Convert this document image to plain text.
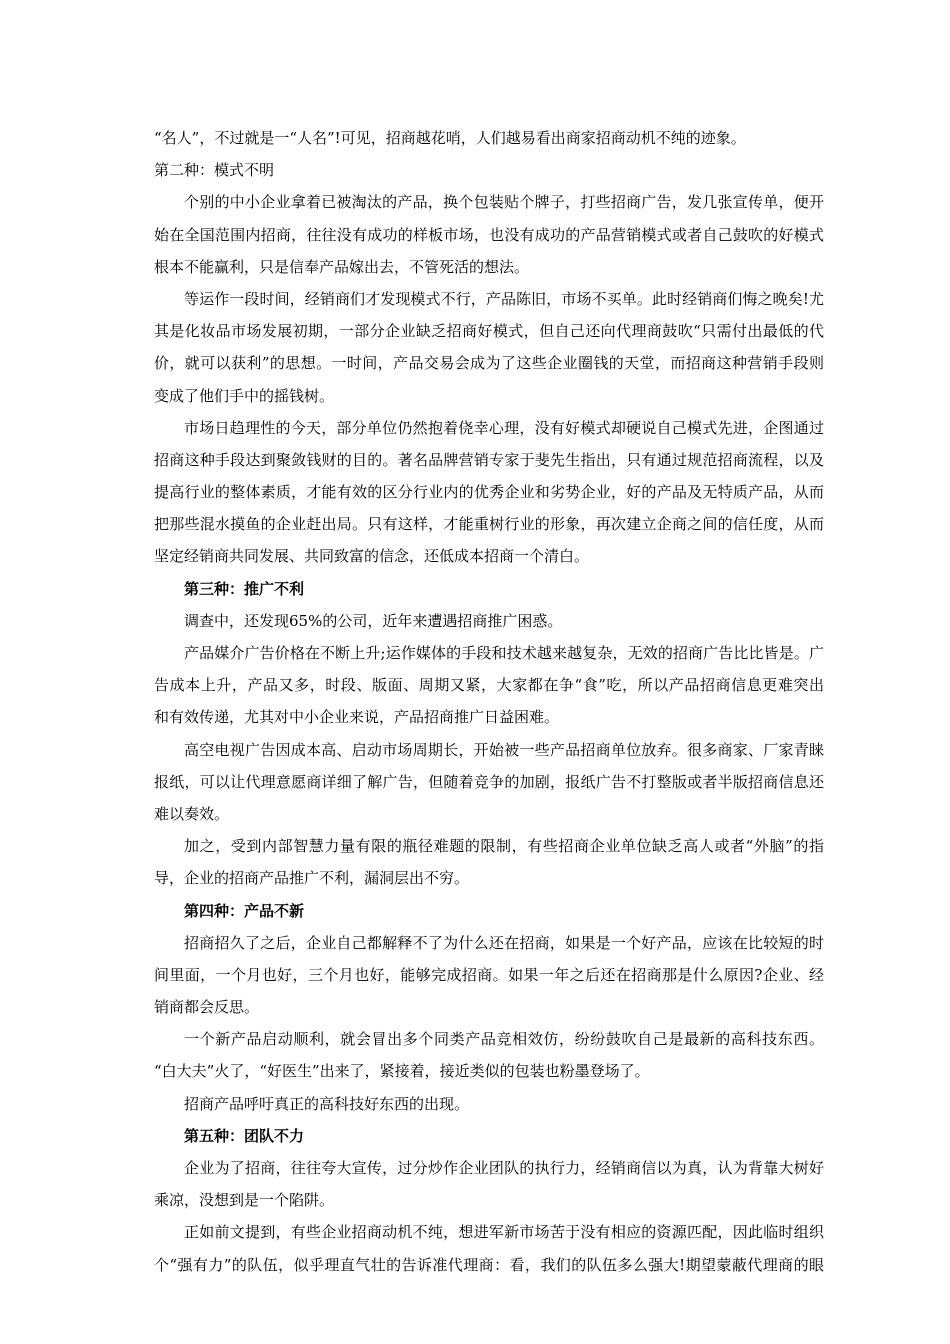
“名人”，不过就是一“人名”!可见，招商越花哨，人们越易看出商家招商动机不纯的迹象。
第二种：模式不明
个别的中小企业拿着已被淘汰的产品，换个包装贴个牌子，打些招商广告，发几张宣传单，便开
始在全国范围内招商，往往没有成功的样板市场，也没有成功的产品营销模式或者自己鼓吹的好模式
根本不能赢利，只是信奉产品嫁出去，不管死活的想法。
等运作一段时间，经销商们才发现模式不行，产品陈旧，市场不买单。此时经销商们悔之晚矣!尤
其是化妆品市场发展初期，一部分企业缺乏招商好模式，但自己还向代理商鼓吹“只需付出最低的代
价，就可以获利”的思想。一时间，产品交易会成为了这些企业圈钱的天堂，而招商这种营销手段则
变成了他们手中的摇钱树。
市场日趋理性的今天，部分单位仍然抱着侥幸心理，没有好模式却硬说自己模式先进，企图通过
招商这种手段达到聚敛钱财的目的。著名品牌营销专家于斐先生指出，只有通过规范招商流程，以及
提高行业的整体素质，才能有效的区分行业内的优秀企业和劣势企业，好的产品及无特质产品，从而
把那些混水摸鱼的企业赶出局。只有这样，才能重树行业的形象，再次建立企商之间的信任度，从而
坚定经销商共同发展、共同致富的信念，还低成本招商一个清白。
第三种：推广不利
调查中，还发现65%的公司，近年来遭遇招商推广困惑。
产品媒介广告价格在不断上升;运作媒体的手段和技术越来越复杂，无效的招商广告比比皆是。广
告成本上升，产品又多，时段、版面、周期又紧，大家都在争“食”吃，所以产品招商信息更难突出
和有效传递，尤其对中小企业来说，产品招商推广日益困难。
高空电视广告因成本高、启动市场周期长，开始被一些产品招商单位放弃。很多商家、厂家青睐
报纸，可以让代理意愿商详细了解广告，但随着竞争的加剧，报纸广告不打整版或者半版招商信息还
难以奏效。
加之，受到内部智慧力量有限的瓶径难题的限制，有些招商企业单位缺乏高人或者“外脑”的指
导，企业的招商产品推广不利，漏洞层出不穷。
第四种：产品不新
招商招久了之后，企业自己都解释不了为什么还在招商，如果是一个好产品，应该在比较短的时
间里面，一个月也好，三个月也好，能够完成招商。如果一年之后还在招商那是什么原因?企业、经
销商都会反思。
一个新产品启动顺利，就会冒出多个同类产品竞相效仿，纷纷鼓吹自己是最新的高科技东西。
“白大夫”火了，“好医生”出来了，紧接着，接近类似的包装也粉墨登场了。
招商产品呼吁真正的高科技好东西的出现。
第五种：团队不力
企业为了招商，往往夸大宣传，过分炒作企业团队的执行力，经销商信以为真，认为背靠大树好
乘凉，没想到是一个陷阱。
正如前文提到，有些企业招商动机不纯，想进军新市场苦于没有相应的资源匹配，因此临时组织
个“强有力”的队伍，似乎理直气壮的告诉准代理商：看，我们的队伍多么强大!期望蒙蔽代理商的眼
